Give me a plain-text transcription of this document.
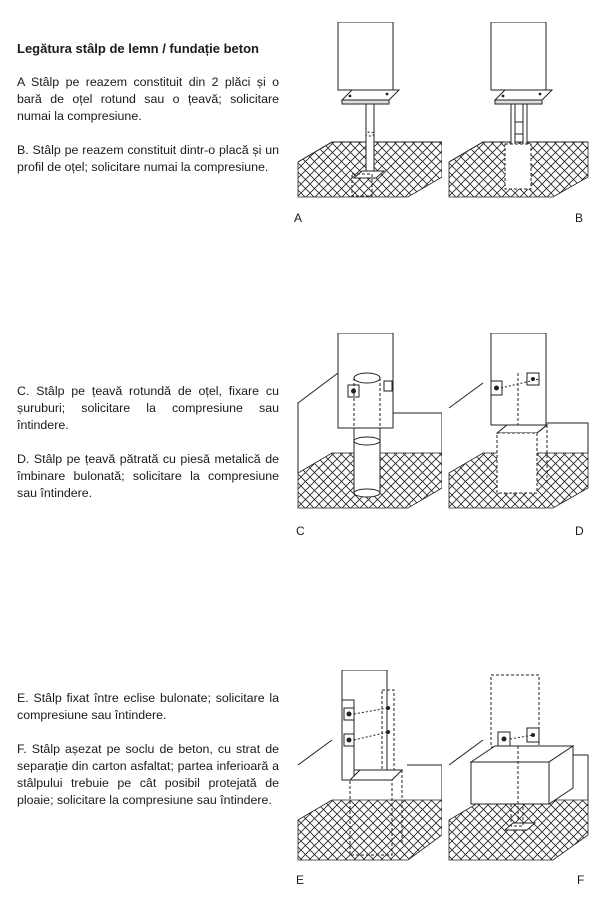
Legătura stâlp de lemn / fundație beton
A Stâlp pe reazem constituit din 2 plăci și o bară de oțel rotund sau o țeavă; solicitare numai la compresiune.
B. Stâlp pe reazem constituit dintr-o placă și un profil de oțel; solicitare numai la compresiune.
C. Stâlp pe țeavă rotundă de oțel, fixare cu șuruburi; solicitare la compresiune sau întindere.
D. Stâlp pe țeavă pătrată cu piesă metalică de îmbinare bulonată; solicitare la compresiune sau întindere.
E. Stâlp fixat între eclise bulonate; solicitare la compresiune sau întindere.
F. Stâlp așezat pe soclu de beton, cu strat de separație din carton asfaltat; partea inferioară a stâlpului trebuie pe cât posibil protejată de ploaie; solicitare la compresiune sau întindere.
A	B
C	D
E	F
